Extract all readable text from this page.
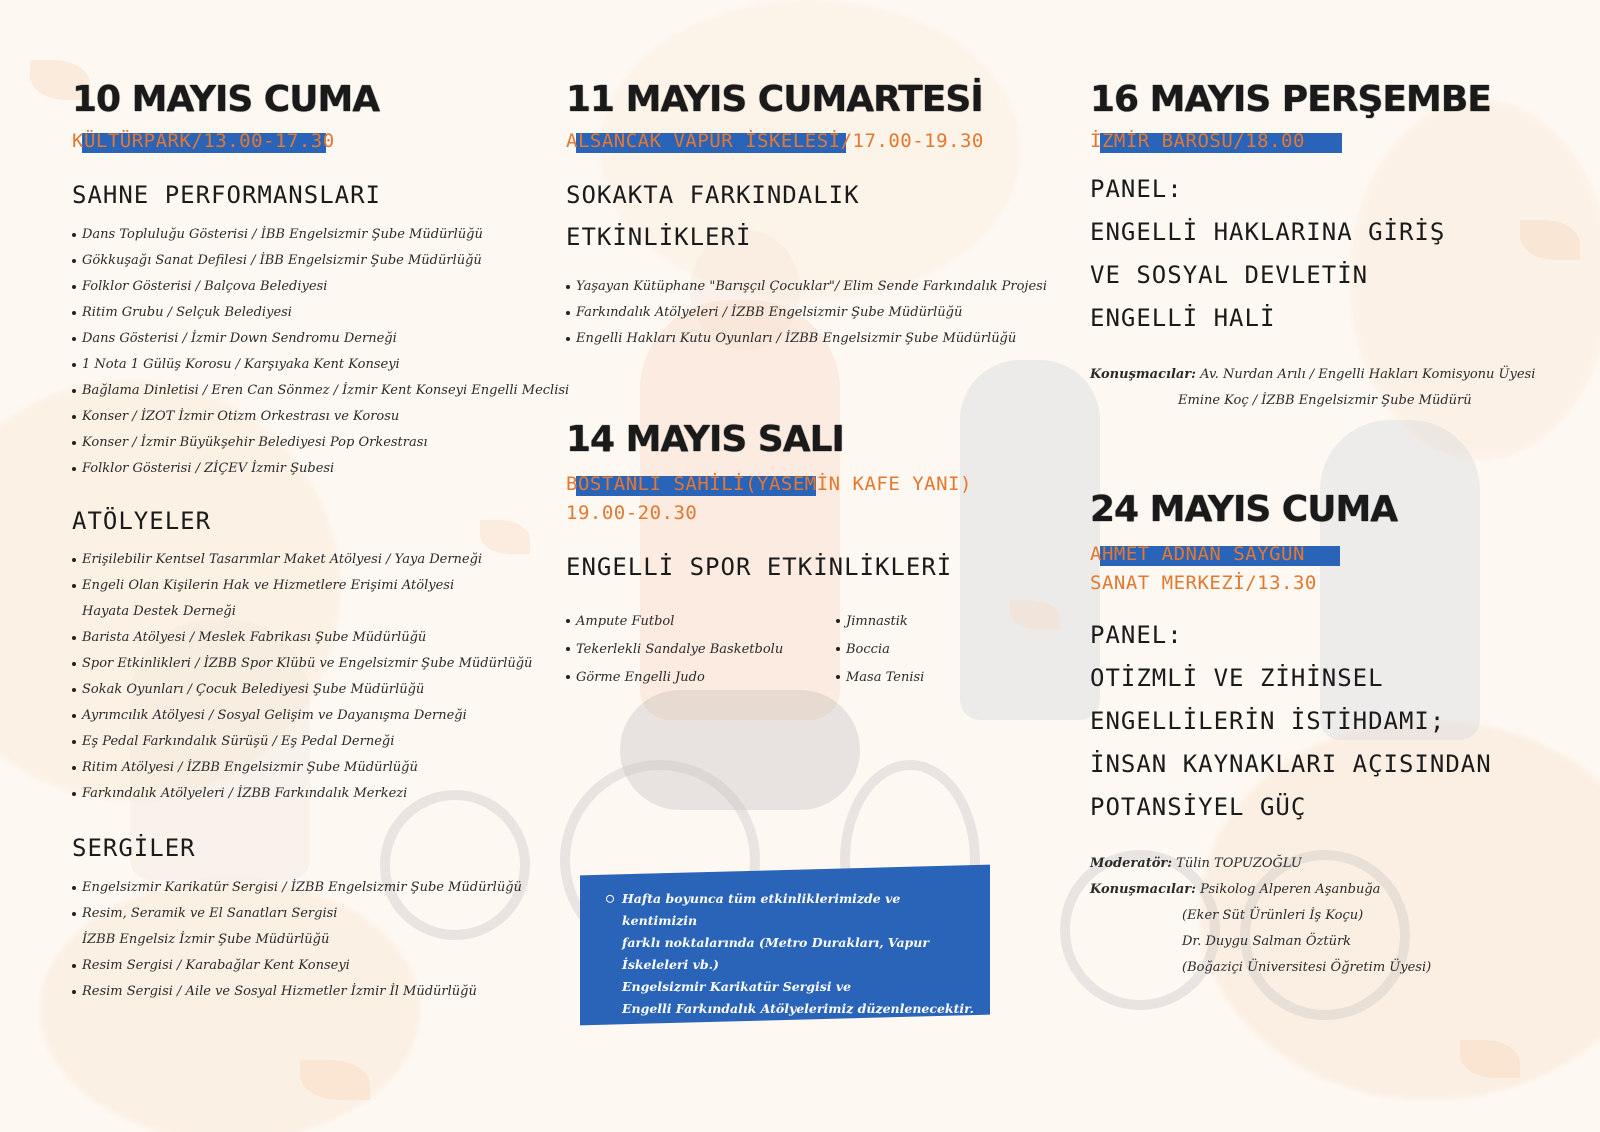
10 MAYIS CUMA
KÜLTÜRPARK/13.00-17.30
SAHNE PERFORMANSLARI
Dans Topluluğu Gösterisi / İBB Engelsizmir Şube Müdürlüğü
Gökkuşağı Sanat Defilesi / İBB Engelsizmir Şube Müdürlüğü
Folklor Gösterisi / Balçova Belediyesi
Ritim Grubu / Selçuk Belediyesi
Dans Gösterisi / İzmir Down Sendromu Derneği
1 Nota 1 Gülüş Korosu / Karşıyaka Kent Konseyi
Bağlama Dinletisi / Eren Can Sönmez / İzmir Kent Konseyi Engelli Meclisi
Konser / İZOT İzmir Otizm Orkestrası ve Korosu
Konser / İzmir Büyükşehir Belediyesi Pop Orkestrası
Folklor Gösterisi / ZİÇEV İzmir Şubesi
ATÖLYELER
Erişilebilir Kentsel Tasarımlar Maket Atölyesi / Yaya Derneği
Engeli Olan Kişilerin Hak ve Hizmetlere Erişimi Atölyesi
Hayata Destek Derneği
Barista Atölyesi / Meslek Fabrikası Şube Müdürlüğü
Spor Etkinlikleri / İZBB Spor Klübü ve Engelsizmir Şube Müdürlüğü
Sokak Oyunları / Çocuk Belediyesi Şube Müdürlüğü
Ayrımcılık Atölyesi / Sosyal Gelişim ve Dayanışma Derneği
Eş Pedal Farkındalık Sürüşü / Eş Pedal Derneği
Ritim Atölyesi / İZBB Engelsizmir Şube Müdürlüğü
Farkındalık Atölyeleri / İZBB Farkındalık Merkezi
SERGİLER
Engelsizmir Karikatür Sergisi / İZBB Engelsizmir Şube Müdürlüğü
Resim, Seramik ve El Sanatları Sergisi
İZBB Engelsiz İzmir Şube Müdürlüğü
Resim Sergisi / Karabağlar Kent Konseyi
Resim Sergisi / Aile ve Sosyal Hizmetler İzmir İl Müdürlüğü
11 MAYIS CUMARTESİ
ALSANCAK VAPUR İSKELESİ/17.00-19.30
SOKAKTA FARKINDALIK
ETKİNLİKLERİ
Yaşayan Kütüphane "Barışçıl Çocuklar"/ Elim Sende Farkındalık Projesi
Farkındalık Atölyeleri / İZBB Engelsizmir Şube Müdürlüğü
Engelli Hakları Kutu Oyunları / İZBB Engelsizmir Şube Müdürlüğü
14 MAYIS SALI
BOSTANLI SAHİLİ(YASEMİN KAFE YANI)
19.00-20.30
ENGELLİ SPOR ETKİNLİKLERİ
Ampute Futbol
Tekerlekli Sandalye Basketbolu
Görme Engelli Judo
Jimnastik
Boccia
Masa Tenisi
Hafta boyunca tüm etkinliklerimizde ve kentimizin
farklı noktalarında (Metro Durakları, Vapur İskeleleri vb.)
Engelsizmir Karikatür Sergisi ve
Engelli Farkındalık Atölyelerimiz düzenlenecektir.
16 MAYIS PERŞEMBE
İZMİR BAROSU/18.00
PANEL:
ENGELLİ HAKLARINA GİRİŞ
VE SOSYAL DEVLETİN
ENGELLİ HALİ
Konuşmacılar: Av. Nurdan Arılı / Engelli Hakları Komisyonu Üyesi
Emine Koç / İZBB Engelsizmir Şube Müdürü
24 MAYIS CUMA
AHMET ADNAN SAYGUN
SANAT MERKEZİ/13.30
PANEL:
OTİZMLİ VE ZİHİNSEL
ENGELLİLERİN İSTİHDAMI;
İNSAN KAYNAKLARI AÇISINDAN
POTANSİYEL GÜÇ
Moderatör: Tülin TOPUZOĞLU
Konuşmacılar: Psikolog Alperen Aşanbuğa
(Eker Süt Ürünleri İş Koçu)
Dr. Duygu Salman Öztürk
(Boğaziçi Üniversitesi Öğretim Üyesi)
